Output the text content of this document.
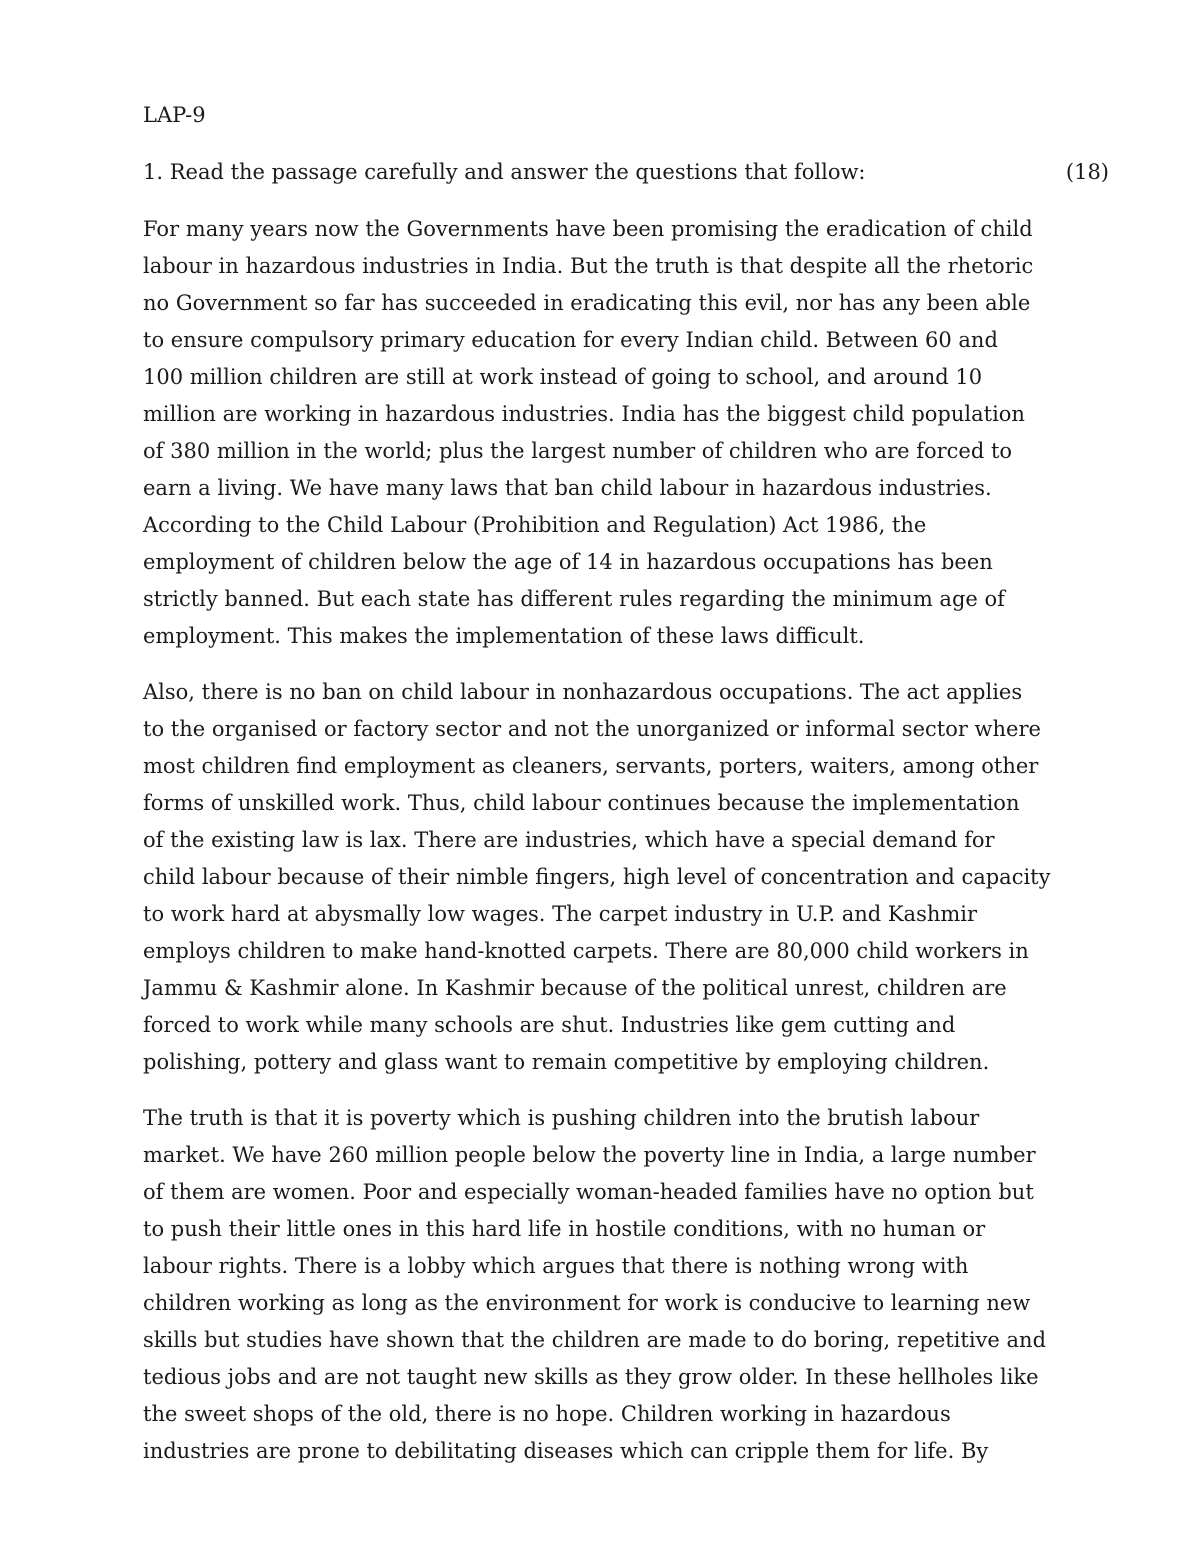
LAP-9

1. Read the passage carefully and answer the questions that follow:	(18)
For many years now the Governments have been promising the eradication of child
labour in hazardous industries in India. But the truth is that despite all the rhetoric
no Government so far has succeeded in eradicating this evil, nor has any been able
to ensure compulsory primary education for every Indian child. Between 60 and
100 million children are still at work instead of going to school, and around 10
million are working in hazardous industries. India has the biggest child population
of 380 million in the world; plus the largest number of children who are forced to
earn a living. We have many laws that ban child labour in hazardous industries.
According to the Child Labour (Prohibition and Regulation) Act 1986, the
employment of children below the age of 14 in hazardous occupations has been
strictly banned. But each state has different rules regarding the minimum age of
employment. This makes the implementation of these laws difficult.
Also, there is no ban on child labour in nonhazardous occupations. The act applies
to the organised or factory sector and not the unorganized or informal sector where
most children find employment as cleaners, servants, porters, waiters, among other
forms of unskilled work. Thus, child labour continues because the implementation
of the existing law is lax. There are industries, which have a special demand for
child labour because of their nimble fingers, high level of concentration and capacity
to work hard at abysmally low wages. The carpet industry in U.P. and Kashmir
employs children to make hand-knotted carpets. There are 80,000 child workers in
Jammu & Kashmir alone. In Kashmir because of the political unrest, children are
forced to work while many schools are shut. Industries like gem cutting and
polishing, pottery and glass want to remain competitive by employing children.
The truth is that it is poverty which is pushing children into the brutish labour
market. We have 260 million people below the poverty line in India, a large number
of them are women. Poor and especially woman-headed families have no option but
to push their little ones in this hard life in hostile conditions, with no human or
labour rights. There is a lobby which argues that there is nothing wrong with
children working as long as the environment for work is conducive to learning new
skills but studies have shown that the children are made to do boring, repetitive and
tedious jobs and are not taught new skills as they grow older. In these hellholes like
the sweet shops of the old, there is no hope. Children working in hazardous
industries are prone to debilitating diseases which can cripple them for life. By
